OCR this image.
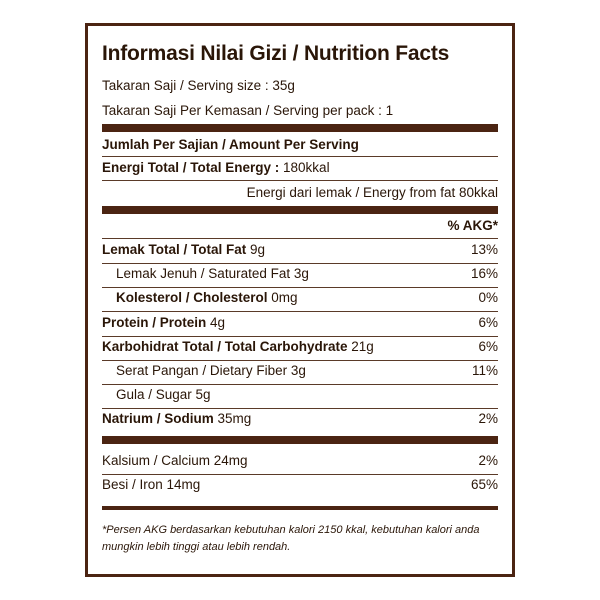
Informasi Nilai Gizi / Nutrition Facts
Takaran Saji / Serving size : 35g
Takaran Saji Per Kemasan / Serving per pack : 1
Jumlah Per Sajian / Amount Per Serving
Energi Total / Total Energy : 180kkal
Energi dari lemak / Energy from fat 80kkal
% AKG*
Lemak Total / Total Fat 9g	13%
Lemak Jenuh / Saturated Fat 3g	16%
Kolesterol / Cholesterol 0mg	0%
Protein / Protein 4g	6%
Karbohidrat Total / Total Carbohydrate 21g	6%
Serat Pangan / Dietary Fiber 3g	11%
Gula / Sugar 5g
Natrium / Sodium 35mg	2%
Kalsium / Calcium 24mg	2%
Besi / Iron 14mg	65%
*Persen AKG berdasarkan kebutuhan kalori 2150 kkal, kebutuhan kalori anda mungkin lebih tinggi atau lebih rendah.
